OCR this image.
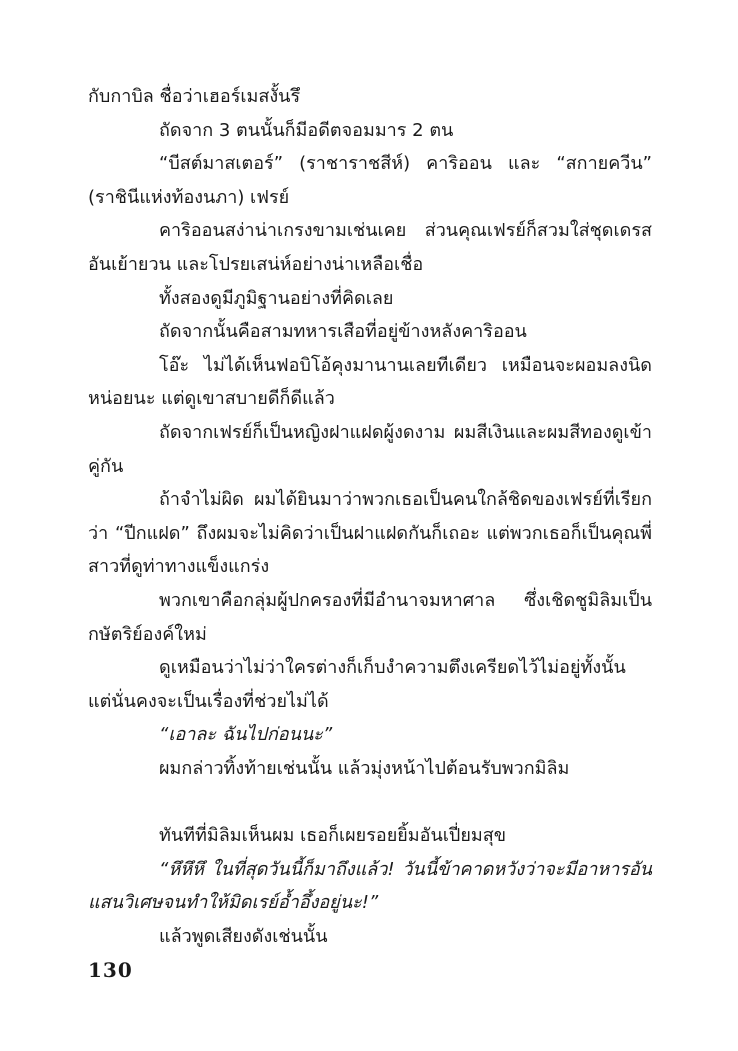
กับกาบิล ชื่อว่าเฮอร์เมสงั้นรึ

ถัดจาก 3 ตนนั้นก็มีอดีตจอมมาร 2 ตน

“บีสต์มาสเตอร์” (ราชาราชสีห์) คาริออน และ “สกายควีน” (ราชินีแห่งท้องนภา) เฟรย์

คาริออนสง่าน่าเกรงขามเช่นเคย ส่วนคุณเฟรย์ก็สวมใส่ชุดเดรสอันเย้ายวน และโปรยเสน่ห์อย่างน่าเหลือเชื่อ

ทั้งสองดูมีภูมิฐานอย่างที่คิดเลย

ถัดจากนั้นคือสามทหารเสือที่อยู่ข้างหลังคาริออน

โอ๊ะ ไม่ได้เห็นฟอบิโอ้คุงมานานเลยทีเดียว เหมือนจะผอมลงนิดหน่อยนะ แต่ดูเขาสบายดีก็ดีแล้ว

ถัดจากเฟรย์ก็เป็นหญิงฝาแฝดผู้งดงาม ผมสีเงินและผมสีทองดูเข้าคู่กัน

ถ้าจำไม่ผิด ผมได้ยินมาว่าพวกเธอเป็นคนใกล้ชิดของเฟรย์ที่เรียกว่า “ปีกแฝด” ถึงผมจะไม่คิดว่าเป็นฝาแฝดกันก็เถอะ แต่พวกเธอก็เป็นคุณพี่สาวที่ดูท่าทางแข็งแกร่ง

พวกเขาคือกลุ่มผู้ปกครองที่มีอำนาจมหาศาล ซึ่งเชิดชูมิลิมเป็นกษัตริย์องค์ใหม่

ดูเหมือนว่าไม่ว่าใครต่างก็เก็บงำความตึงเครียดไว้ไม่อยู่ทั้งนั้น แต่นั่นคงจะเป็นเรื่องที่ช่วยไม่ได้

“เอาละ ฉันไปก่อนนะ”

ผมกล่าวทิ้งท้ายเช่นนั้น แล้วมุ่งหน้าไปต้อนรับพวกมิลิม

ทันทีที่มิลิมเห็นผม เธอก็เผยรอยยิ้มอันเปี่ยมสุข

“หึหึหึ ในที่สุดวันนี้ก็มาถึงแล้ว! วันนี้ข้าคาดหวังว่าจะมีอาหารอันแสนวิเศษจนทำให้มิดเรย์อ้ำอึ้งอยู่นะ!”

แล้วพูดเสียงดังเช่นนั้น

130
